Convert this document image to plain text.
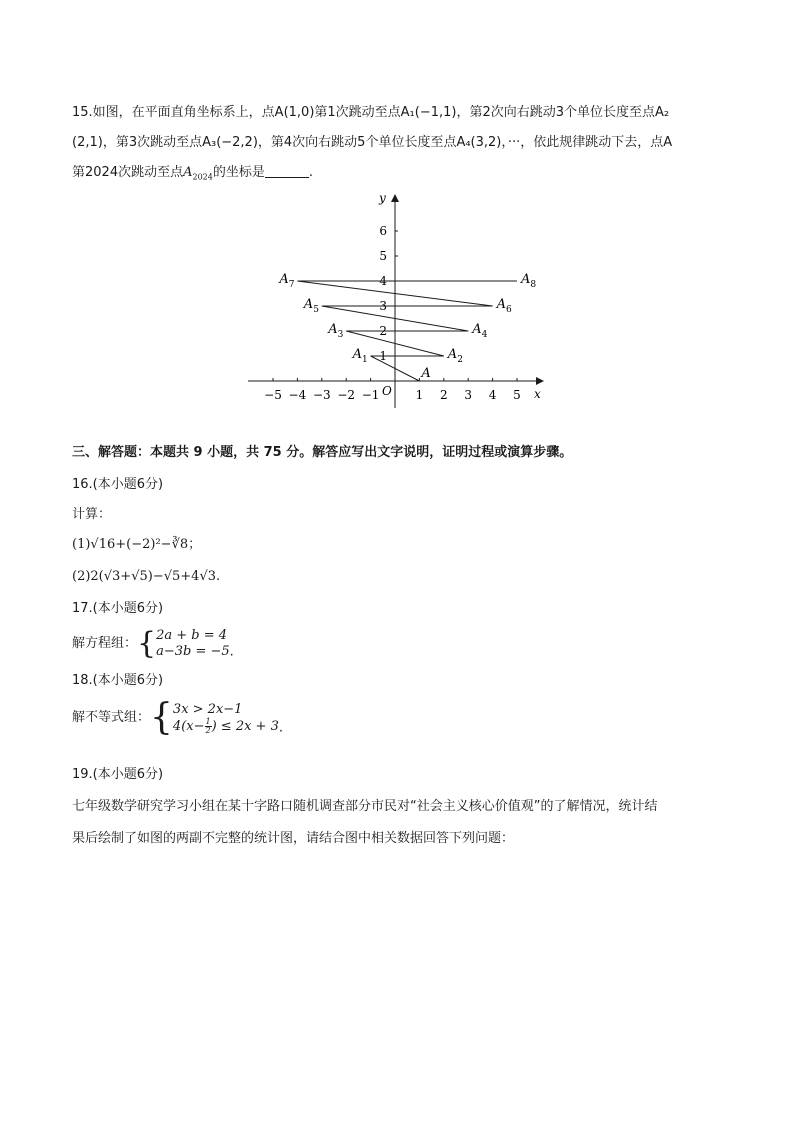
15.如图，在平面直角坐标系上，点A(1,0)第1次跳动至点A₁(−1,1)，第2次向右跳动3个单位长度至点A₂
(2,1)，第3次跳动至点A₃(−2,2)，第4次向右跳动5个单位长度至点A₄(3,2)，···，依此规律跳动下去，点A
第2024次跳动至点$A_{2024}$的坐标是	.
x
y
O
−5 −4 −3 −2 −1	1 2 3 4 5
1
2
3
4
5
6
A
$A_1$	$A_2$
$A_3$	$A_4$
$A_5$	$A_6$
$A_7$	$A_8$
三、解答题：本题共 9 小题，共 75 分。解答应写出文字说明，证明过程或演算步骤。
16.(本小题6分)
计算：
(1)√16+(−2)²−∛8；
(2)2(√3+√5)−√5+4√3.
17.(本小题6分)
解方程组：{ 2a + b = 4
a−3b = −5 .
18.(本小题6分)
解不等式组：{ 3x > 2x−1
$4(x- \frac{1}{2}$ ) ≤ 2x + 3 .
19.(本小题6分)
七年级数学研究学习小组在某十字路口随机调查部分市民对“社会主义核心价值观”的了解情况，统计结
果后绘制了如图的两副不完整的统计图，请结合图中相关数据回答下列问题：
